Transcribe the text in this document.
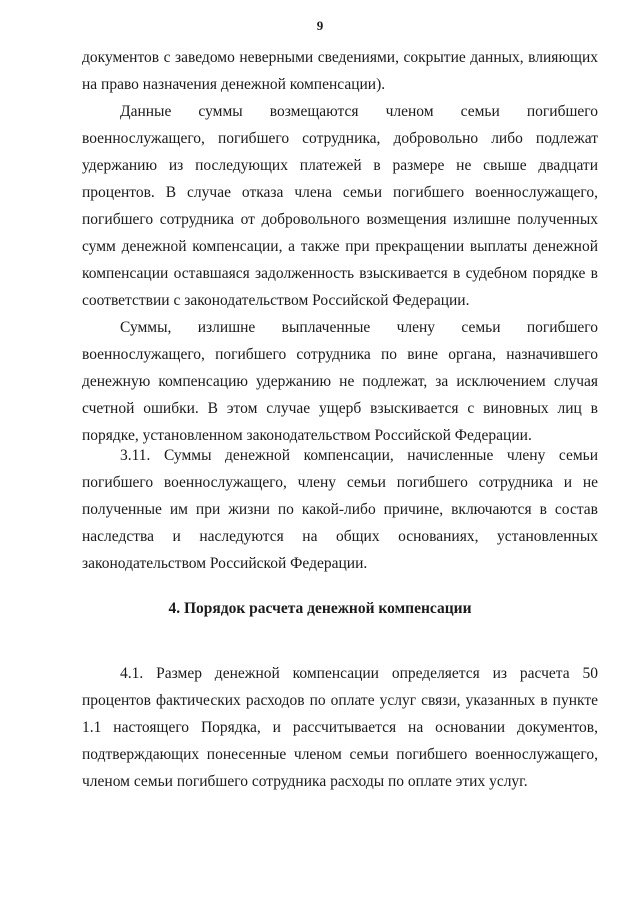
9

документов с заведомо неверными сведениями, сокрытие данных, влияющих на право назначения денежной компенсации).

Данные суммы возмещаются членом семьи погибшего военнослужащего, погибшего сотрудника, добровольно либо подлежат удержанию из последующих платежей в размере не свыше двадцати процентов. В случае отказа члена семьи погибшего военнослужащего, погибшего сотрудника от добровольного возмещения излишне полученных сумм денежной компенсации, а также при прекращении выплаты денежной компенсации оставшаяся задолженность взыскивается в судебном порядке в соответствии с законодательством Российской Федерации.

Суммы, излишне выплаченные члену семьи погибшего военнослужащего, погибшего сотрудника по вине органа, назначившего денежную компенсацию удержанию не подлежат, за исключением случая счетной ошибки. В этом случае ущерб взыскивается с виновных лиц в порядке, установленном законодательством Российской Федерации.

3.11. Суммы денежной компенсации, начисленные члену семьи погибшего военнослужащего, члену семьи погибшего сотрудника и не полученные им при жизни по какой-либо причине, включаются в состав наследства и наследуются на общих основаниях, установленных законодательством Российской Федерации.

4. Порядок расчета денежной компенсации

4.1. Размер денежной компенсации определяется из расчета 50 процентов фактических расходов по оплате услуг связи, указанных в пункте 1.1 настоящего Порядка, и рассчитывается на основании документов, подтверждающих понесенные членом семьи погибшего военнослужащего, членом семьи погибшего сотрудника расходы по оплате этих услуг.
